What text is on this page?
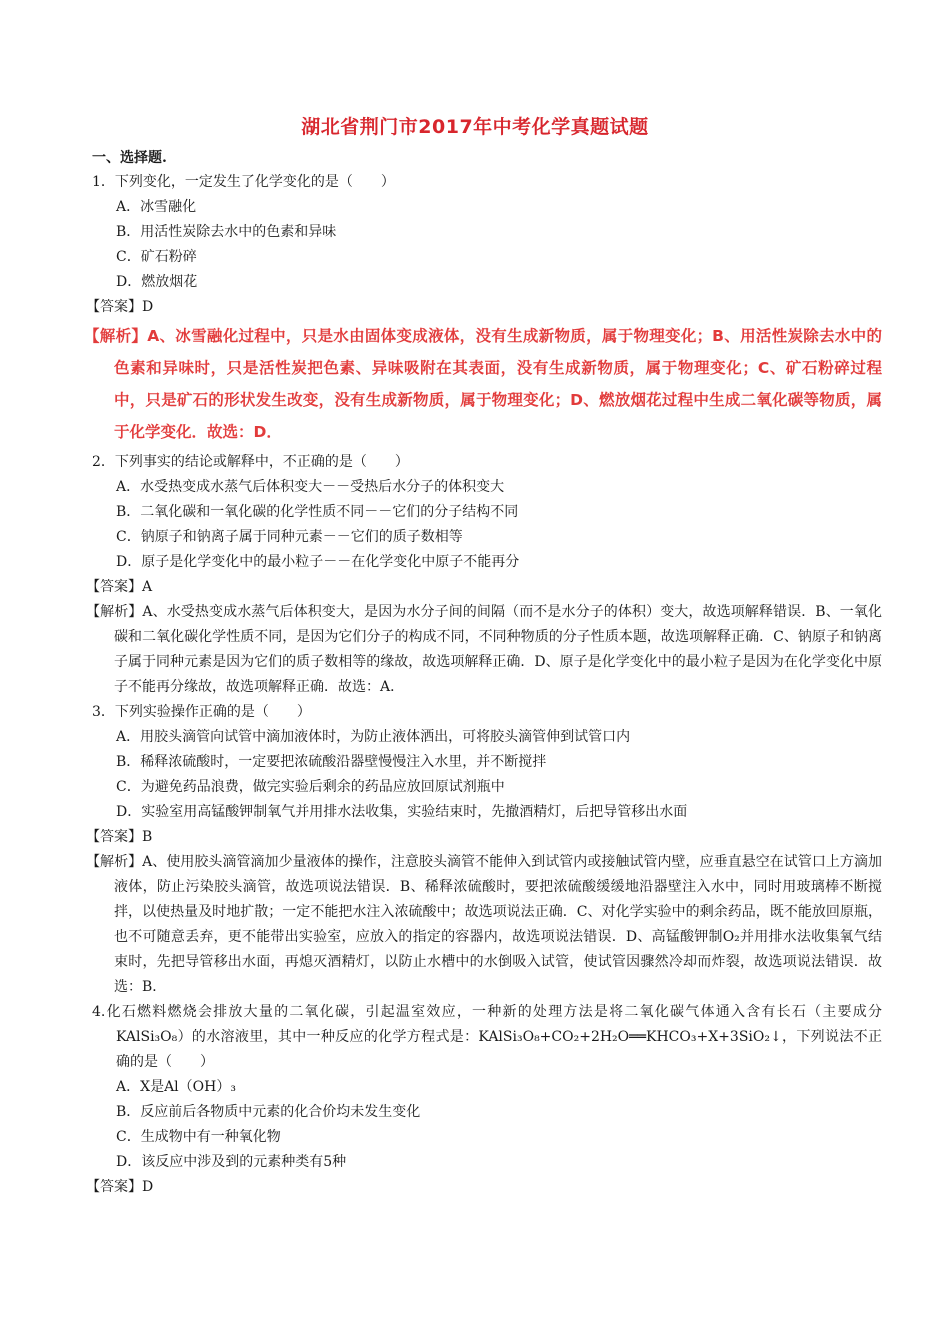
湖北省荆门市2017年中考化学真题试题
一、选择题.
1．下列变化，一定发生了化学变化的是（　　）
A．冰雪融化
B．用活性炭除去水中的色素和异味
C．矿石粉碎
D．燃放烟花
【答案】D
【解析】A、冰雪融化过程中，只是水由固体变成液体，没有生成新物质，属于物理变化；B、用活性炭除去水中的色素和异味时，只是活性炭把色素、异味吸附在其表面，没有生成新物质，属于物理变化；C、矿石粉碎过程中，只是矿石的形状发生改变，没有生成新物质，属于物理变化；D、燃放烟花过程中生成二氧化碳等物质，属于化学变化．故选：D．
2．下列事实的结论或解释中，不正确的是（　　）
A．水受热变成水蒸气后体积变大－－受热后水分子的体积变大
B．二氧化碳和一氧化碳的化学性质不同－－它们的分子结构不同
C．钠原子和钠离子属于同种元素－－它们的质子数相等
D．原子是化学变化中的最小粒子－－在化学变化中原子不能再分
【答案】A
【解析】A、水受热变成水蒸气后体积变大，是因为水分子间的间隔（而不是水分子的体积）变大，故选项解释错误．B、一氧化碳和二氧化碳化学性质不同，是因为它们分子的构成不同，不同种物质的分子性质本题，故选项解释正确．C、钠原子和钠离子属于同种元素是因为它们的质子数相等的缘故，故选项解释正确．D、原子是化学变化中的最小粒子是因为在化学变化中原子不能再分缘故，故选项解释正确．故选：A．
3．下列实验操作正确的是（　　）
A．用胶头滴管向试管中滴加液体时，为防止液体洒出，可将胶头滴管伸到试管口内
B．稀释浓硫酸时，一定要把浓硫酸沿器壁慢慢注入水里，并不断搅拌
C．为避免药品浪费，做完实验后剩余的药品应放回原试剂瓶中
D．实验室用高锰酸钾制氧气并用排水法收集，实验结束时，先撤酒精灯，后把导管移出水面
【答案】B
【解析】A、使用胶头滴管滴加少量液体的操作，注意胶头滴管不能伸入到试管内或接触试管内壁，应垂直悬空在试管口上方滴加液体，防止污染胶头滴管，故选项说法错误．B、稀释浓硫酸时，要把浓硫酸缓缓地沿器壁注入水中，同时用玻璃棒不断搅拌，以使热量及时地扩散；一定不能把水注入浓硫酸中；故选项说法正确．C、对化学实验中的剩余药品，既不能放回原瓶，也不可随意丢弃，更不能带出实验室，应放入的指定的容器内，故选项说法错误．D、高锰酸钾制O₂并用排水法收集氧气结束时，先把导管移出水面，再熄灭酒精灯，以防止水槽中的水倒吸入试管，使试管因骤然冷却而炸裂，故选项说法错误．故选：B．
4.化石燃料燃烧会排放大量的二氧化碳，引起温室效应，一种新的处理方法是将二氧化碳气体通入含有长石（主要成分KAlSi₃O₈）的水溶液里，其中一种反应的化学方程式是：KAlSi₃O₈+CO₂+2H₂O══KHCO₃+X+3SiO₂↓，下列说法不正确的是（　　）
A．X是Al（OH）₃
B．反应前后各物质中元素的化合价均未发生变化
C．生成物中有一种氧化物
D．该反应中涉及到的元素种类有5种
【答案】D
